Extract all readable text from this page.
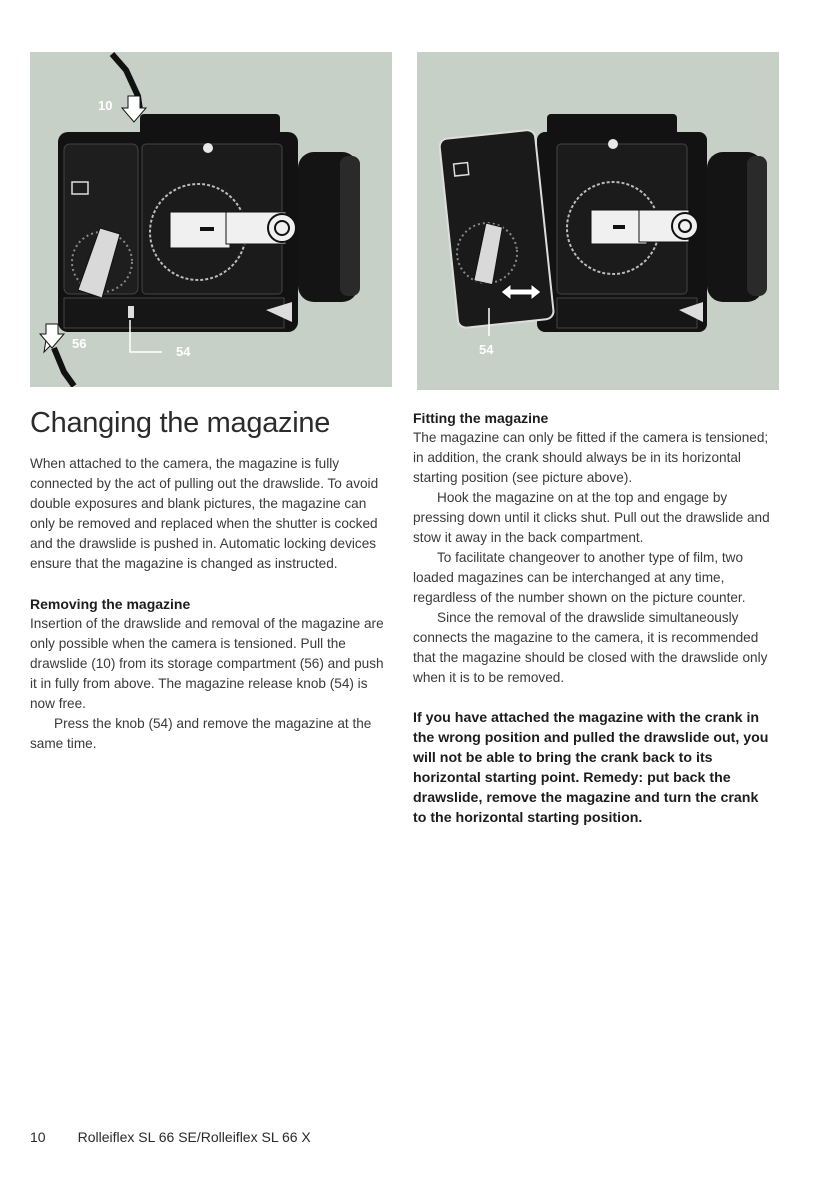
10
54
56	54
Changing the magazine

When attached to the camera, the magazine is fully connected by the act of pulling out the drawslide. To avoid double exposures and blank pictures, the magazine can only be removed and replaced when the shutter is cocked and the drawslide is pushed in. Automatic locking devices ensure that the magazine is changed as instructed.

Removing the magazine

Insertion of the drawslide and removal of the magazine are only possible when the camera is tensioned. Pull the drawslide (10) from its storage compartment (56) and push it in fully from above. The magazine release knob (54) is now free.

Press the knob (54) and remove the magazine at the same time.

Fitting the magazine

The magazine can only be fitted if the camera is tensioned; in addition, the crank should always be in its horizontal starting position (see picture above).

Hook the magazine on at the top and engage by pressing down until it clicks shut. Pull out the drawslide and stow it away in the back compartment.

To facilitate changeover to another type of film, two loaded magazines can be interchanged at any time, regardless of the number shown on the picture counter.

Since the removal of the drawslide simultaneously connects the magazine to the camera, it is recommended that the magazine should be closed with the drawslide only when it is to be removed.

If you have attached the magazine with the crank in the wrong position and pulled the drawslide out, you will not be able to bring the crank back to its horizontal starting point. Remedy: put back the drawslide, remove the magazine and turn the crank to the horizontal starting position.

10 Rolleiflex SL 66 SE/Rolleiflex SL 66 X
